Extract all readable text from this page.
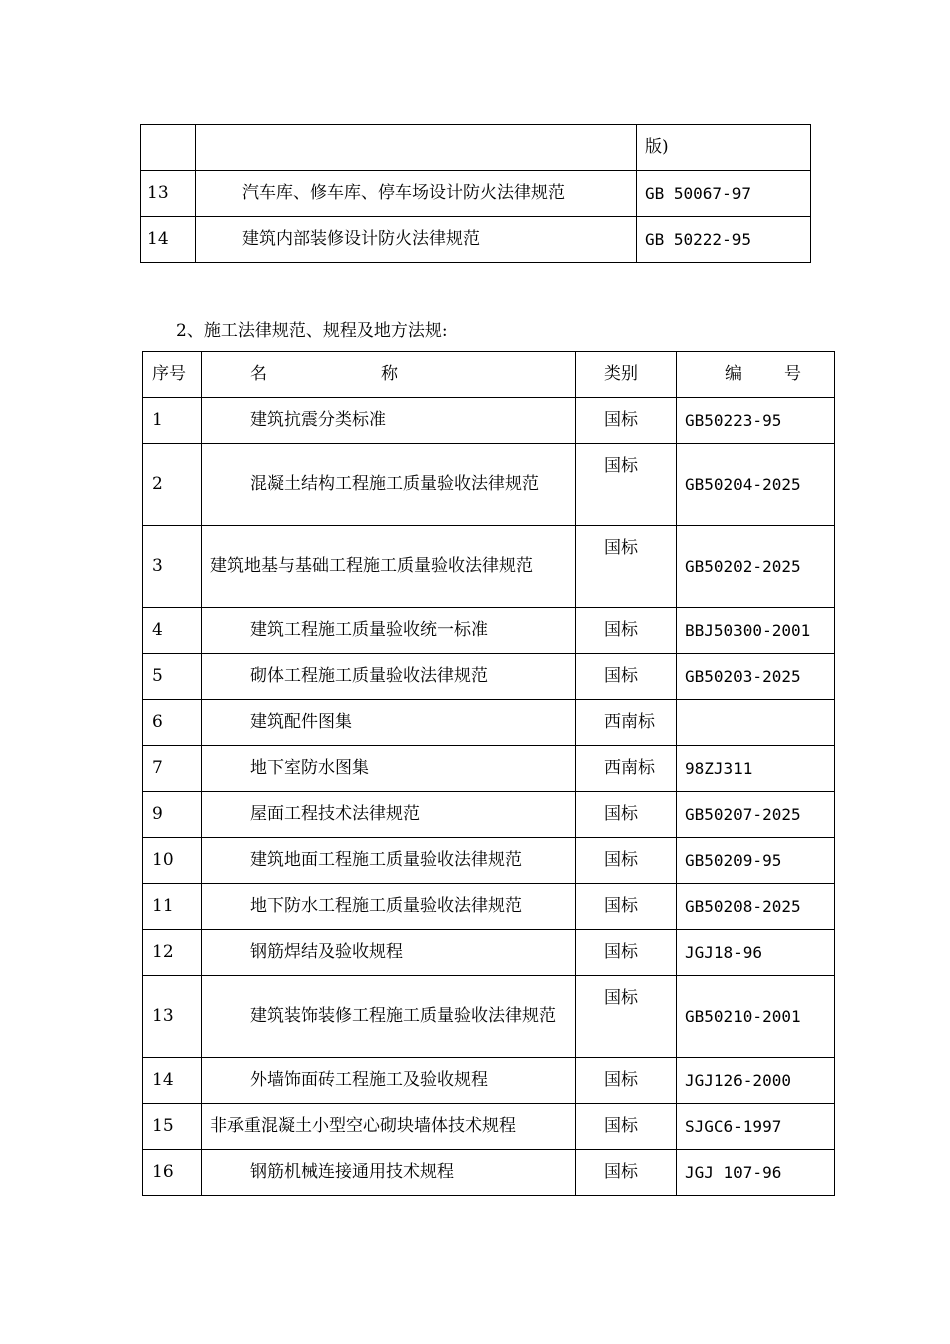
		版)
13	汽车库、修车库、停车场设计防火法律规范	GB 50067-97
14	建筑内部装修设计防火法律规范	GB 50222-95
2、施工法律规范、规程及地方法规:
序号	名 称	类别	编 号
1	建筑抗震分类标准	国标	GB50223-95
2	混凝土结构工程施工质量验收法律规范	国标	GB50204-2025
3	建筑地基与基础工程施工质量验收法律规范	国标	GB50202-2025
4	建筑工程施工质量验收统一标准	国标	BBJ50300-2001
5	砌体工程施工质量验收法律规范	国标	GB50203-2025
6	建筑配件图集	西南标	
7	地下室防水图集	西南标	98ZJ311
9	屋面工程技术法律规范	国标	GB50207-2025
10	建筑地面工程施工质量验收法律规范	国标	GB50209-95
11	地下防水工程施工质量验收法律规范	国标	GB50208-2025
12	钢筋焊结及验收规程	国标	JGJ18-96
13	建筑装饰装修工程施工质量验收法律规范	国标	GB50210-2001
14	外墙饰面砖工程施工及验收规程	国标	JGJ126-2000
15	非承重混凝土小型空心砌块墙体技术规程	国标	SJGC6-1997
16	钢筋机械连接通用技术规程	国标	JGJ 107-96
